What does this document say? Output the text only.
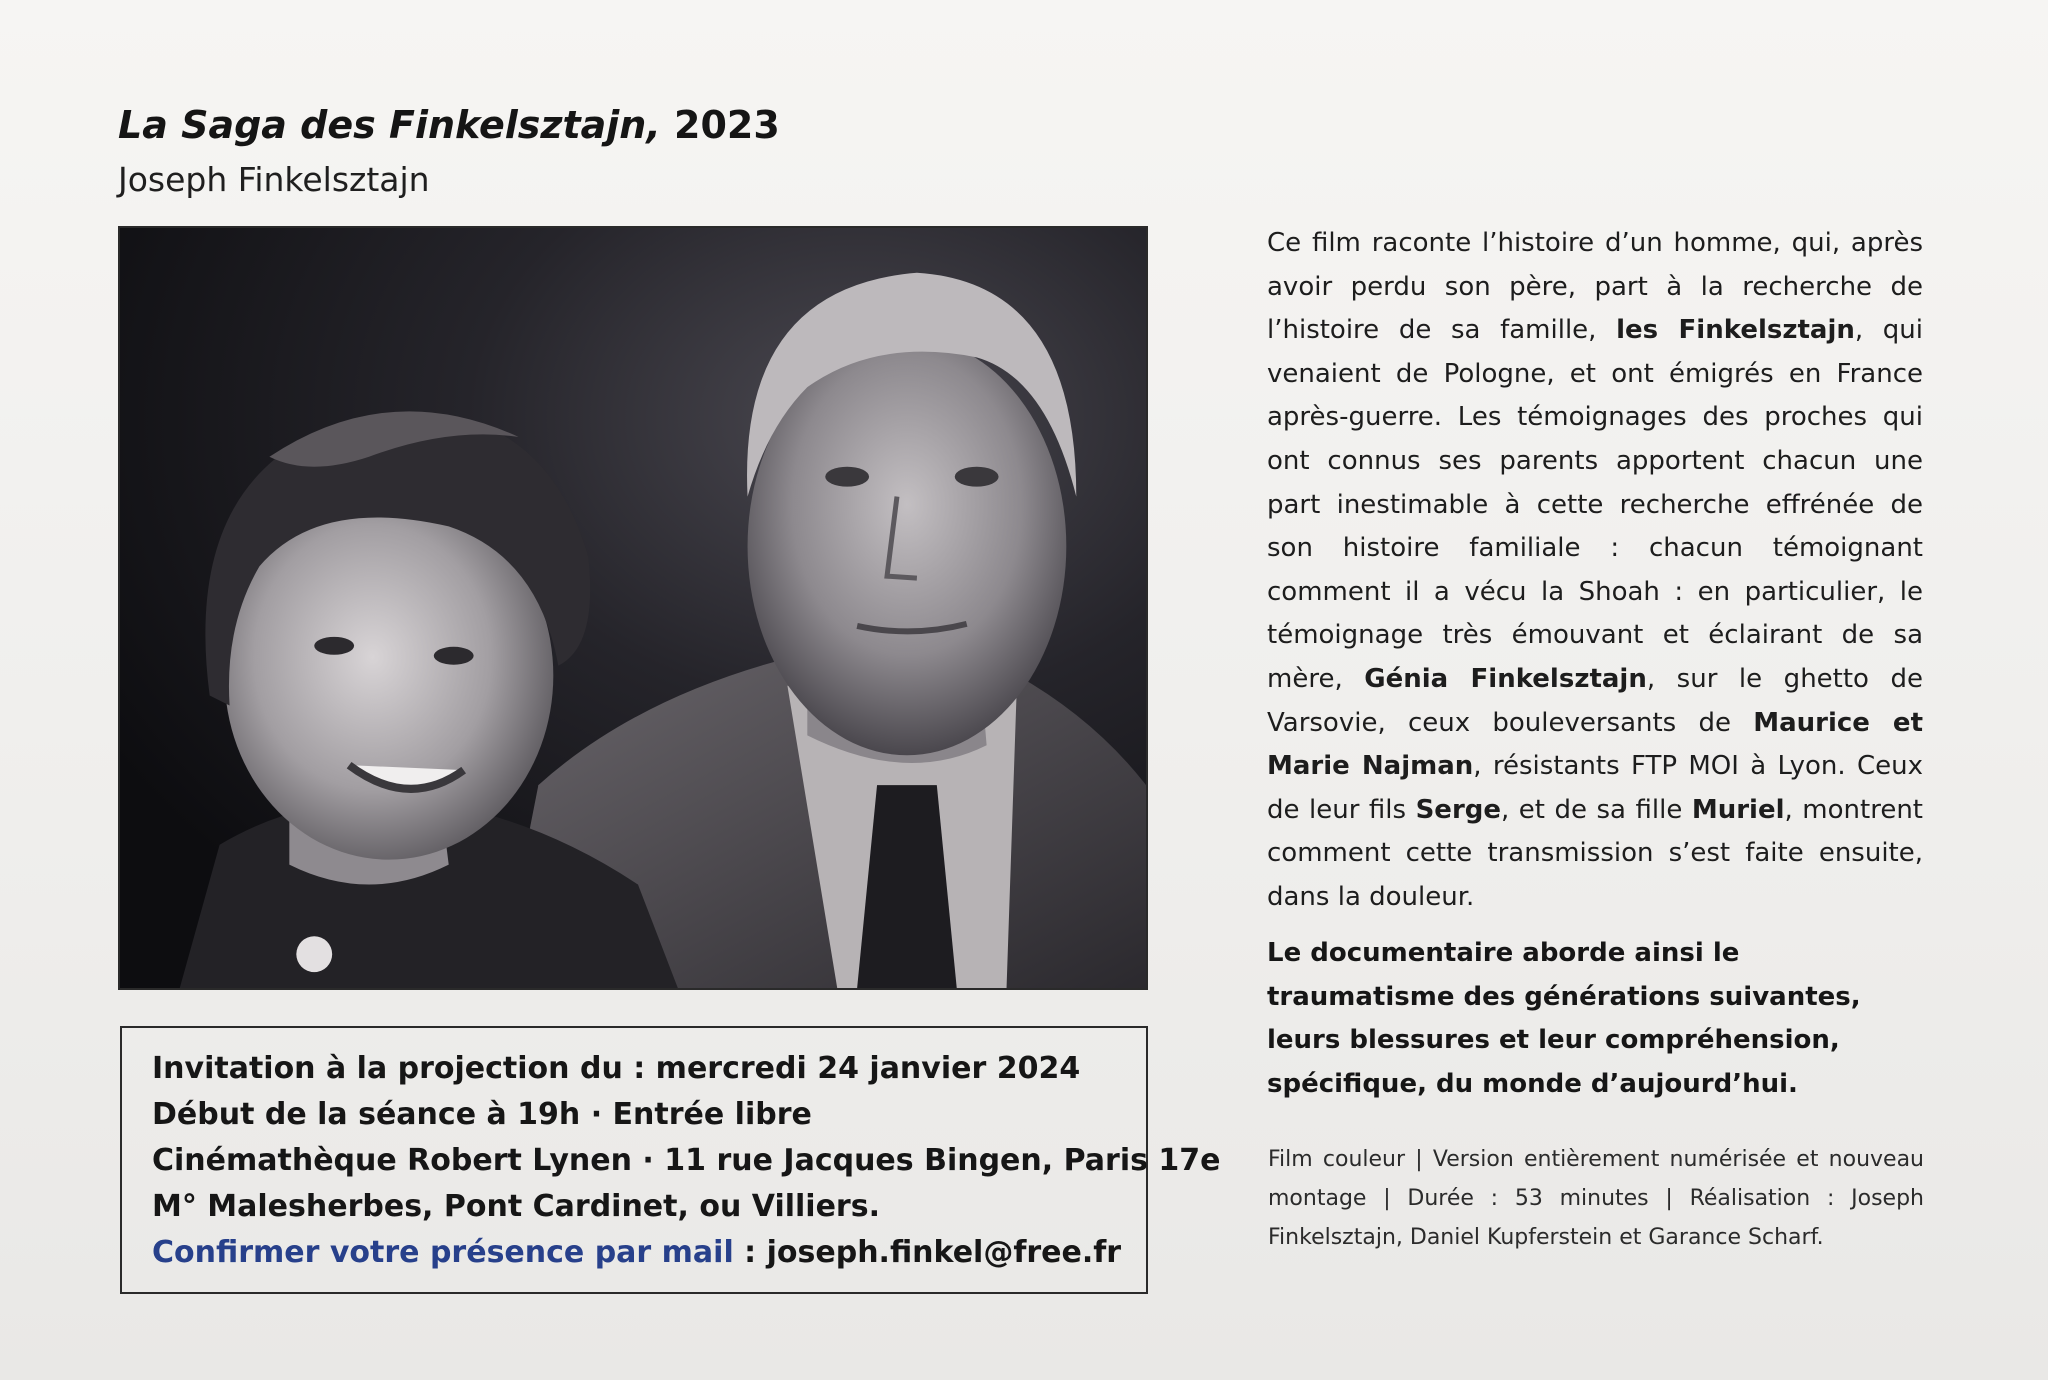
La Saga des Finkelsztajn, 2023

Joseph Finkelsztajn

Invitation à la projection du : mercredi 24 janvier 2024

Début de la séance à 19h · Entrée libre

Cinémathèque Robert Lynen · 11 rue Jacques Bingen, Paris 17e

M° Malesherbes, Pont Cardinet, ou Villiers.

Confirmer votre présence par mail : joseph.finkel@free.fr

Ce film raconte l’histoire d’un homme, qui, après avoir perdu son père, part à la recherche de l’histoire de sa famille, les Finkelsztajn, qui venaient de Pologne, et ont émigrés en France après-guerre. Les témoignages des proches qui ont connus ses parents apportent chacun une part inestimable à cette recherche effrénée de son histoire familiale : chacun témoignant comment il a vécu la Shoah : en particulier, le témoignage très émouvant et éclairant de sa mère, Génia Finkelsztajn, sur le ghetto de Varsovie, ceux bouleversants de Maurice et Marie Najman, résistants FTP MOI à Lyon. Ceux de leur fils Serge, et de sa fille Muriel, montrent comment cette transmission s’est faite ensuite, dans la douleur.

Le documentaire aborde ainsi le traumatisme des générations suivantes, leurs blessures et leur compréhension, spécifique, du monde d’aujourd’hui.

Film couleur | Version entièrement numérisée et nouveau montage | Durée : 53 minutes | Réalisation : Joseph Finkelsztajn, Daniel Kupferstein et Garance Scharf.
